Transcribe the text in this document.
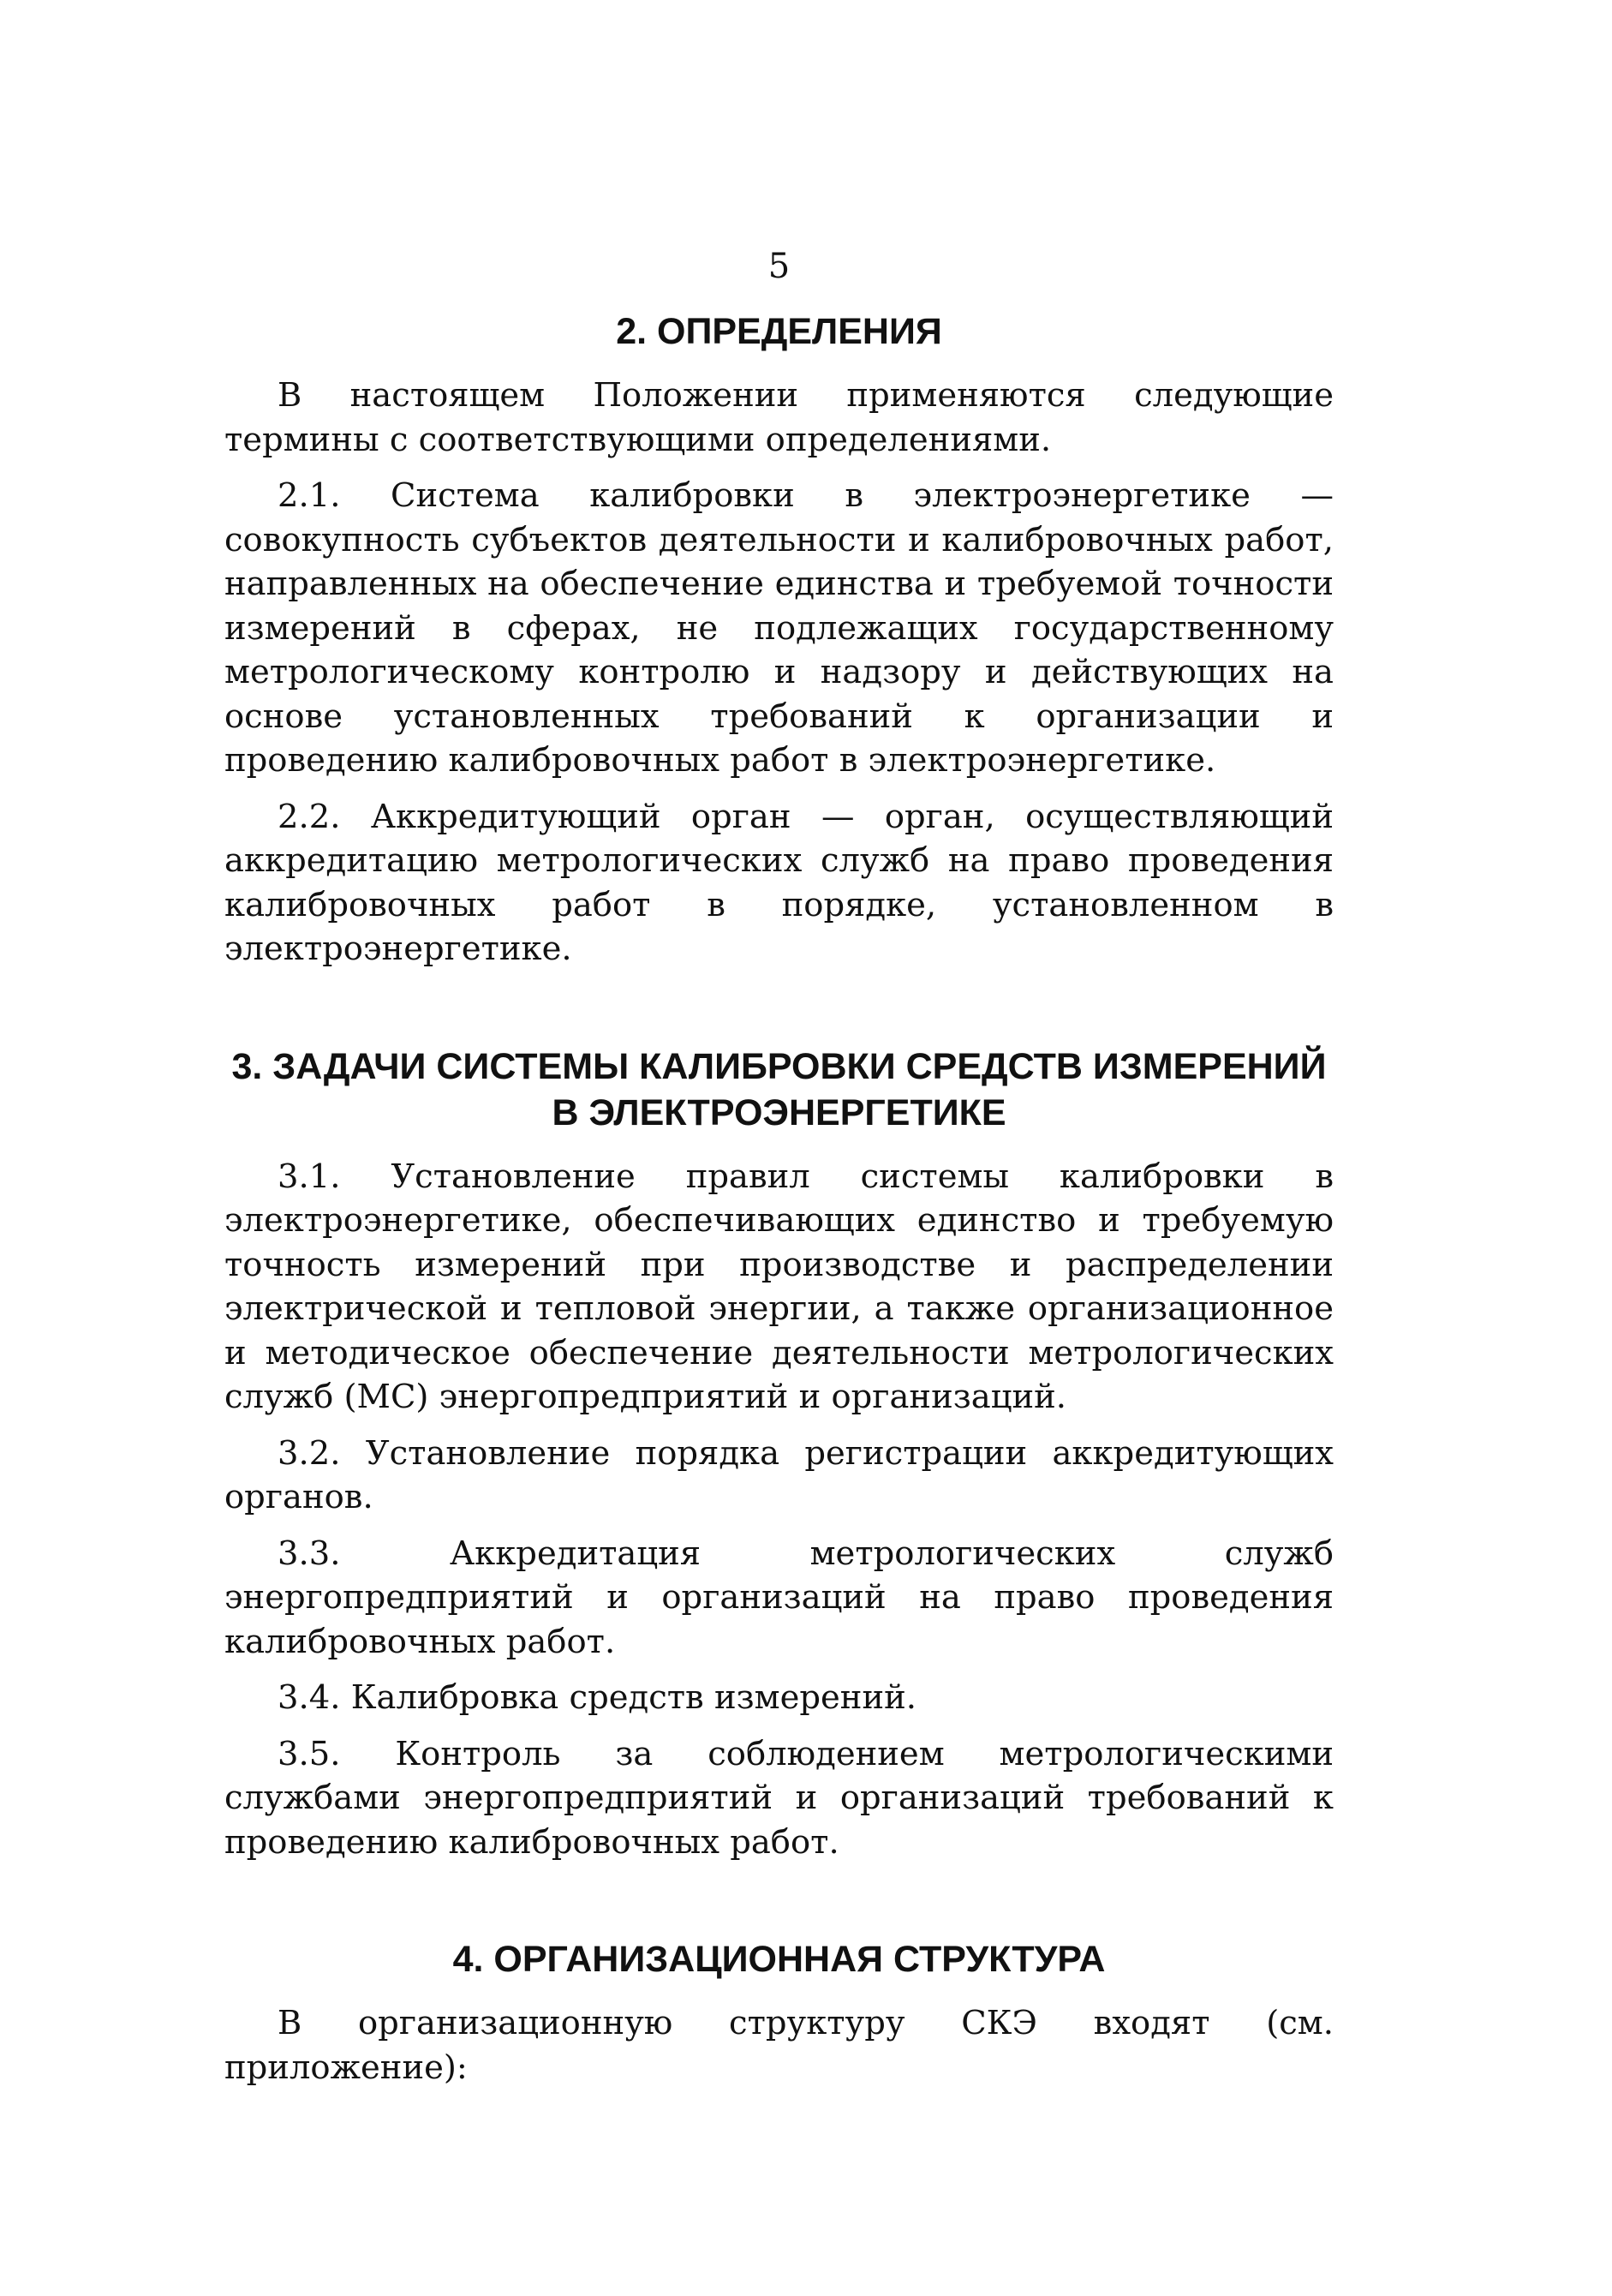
5
2. ОПРЕДЕЛЕНИЯ

В настоящем Положении применяются следующие термины с соответствующими определениями.

2.1. Система калибровки в электроэнергетике — совокупность субъектов деятельности и калибровочных работ, направленных на обеспечение единства и требуемой точности измерений в сферах, не подлежащих государственному метрологическому контролю и надзору и действующих на основе установленных требований к организации и проведению калибровочных работ в электроэнергетике.

2.2. Аккредитующий орган — орган, осуществляющий аккредитацию метрологических служб на право проведения калибровочных работ в порядке, установленном в электроэнергетике.

3. ЗАДАЧИ СИСТЕМЫ КАЛИБРОВКИ СРЕДСТВ ИЗМЕРЕНИЙ
В ЭЛЕКТРОЭНЕРГЕТИКЕ

3.1. Установление правил системы калибровки в электроэнергетике, обеспечивающих единство и требуемую точность измерений при производстве и распределении электрической и тепловой энергии, а также организационное и методическое обеспечение деятельности метрологических служб (МС) энергопредприятий и организаций.

3.2. Установление порядка регистрации аккредитующих органов.

3.3. Аккредитация метрологических служб энергопредприятий и организаций на право проведения калибровочных работ.

3.4. Калибровка средств измерений.

3.5. Контроль за соблюдением метрологическими службами энергопредприятий и организаций требований к проведению калибровочных работ.

4. ОРГАНИЗАЦИОННАЯ СТРУКТУРА

В организационную структуру СКЭ входят (см. приложение):
